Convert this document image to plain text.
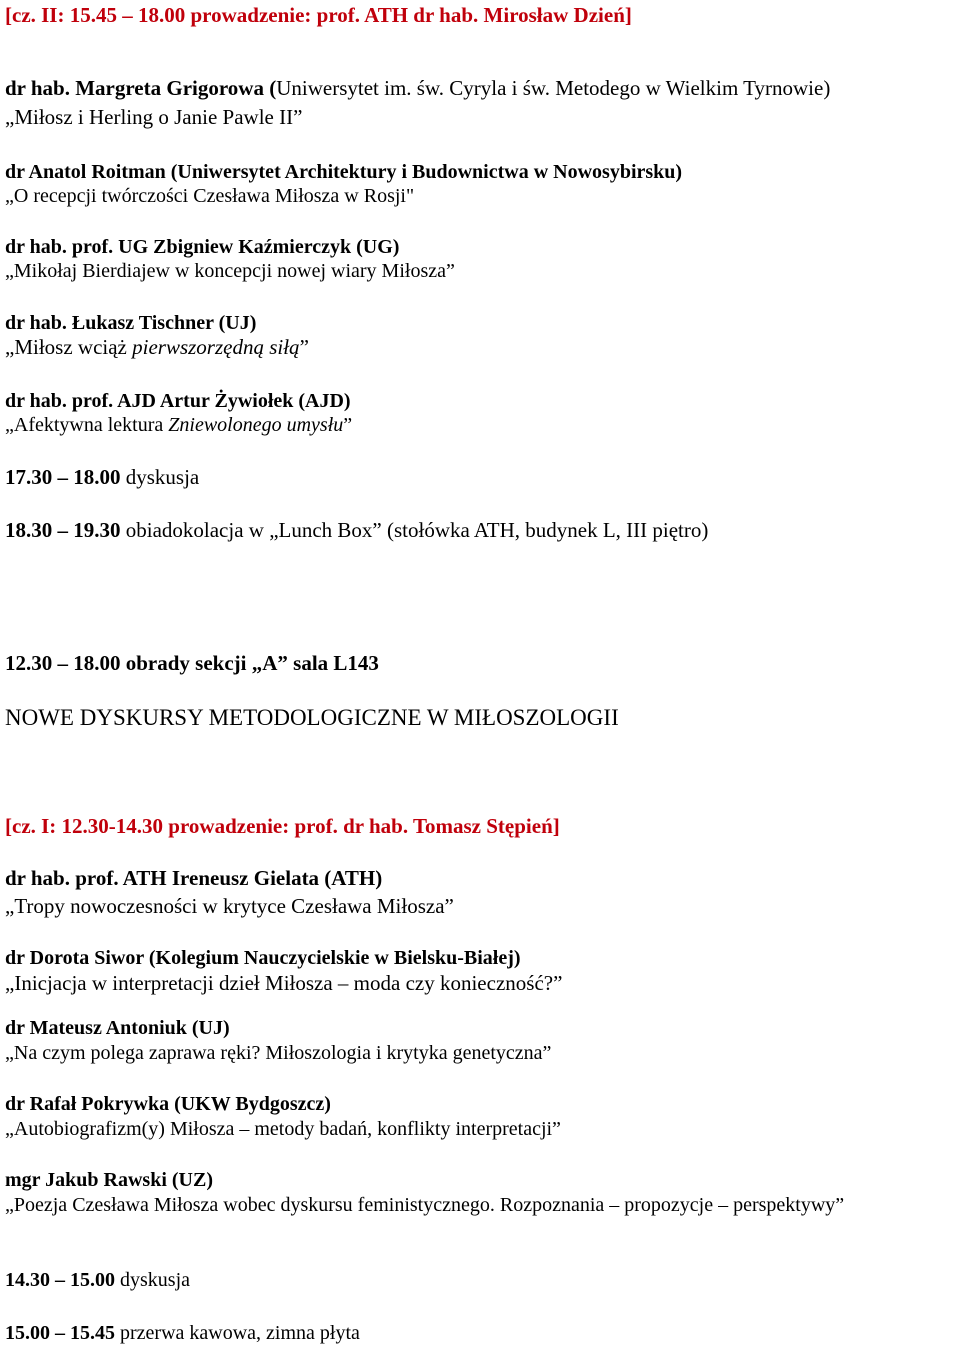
[cz. II: 15.45 – 18.00 prowadzenie: prof. ATH dr hab. Mirosław Dzień]
dr hab. Margreta Grigorowa (Uniwersytet im. św. Cyryla i św. Metodego w Wielkim Tyrnowie)
„Miłosz i Herling o Janie Pawle II”
dr Anatol Roitman (Uniwersytet Architektury i Budownictwa w Nowosybirsku)
„O recepcji twórczości Czesława Miłosza w Rosji"
dr hab. prof. UG Zbigniew Kaźmierczyk (UG)
„Mikołaj Bierdiajew w koncepcji nowej wiary Miłosza”
dr hab. Łukasz Tischner (UJ)
„Miłosz wciąż pierwszorzędną siłą”
dr hab. prof. AJD Artur Żywiołek (AJD)
„Afektywna lektura Zniewolonego umysłu”
17.30 – 18.00 dyskusja
18.30 – 19.30 obiadokolacja w „Lunch Box” (stołówka ATH, budynek L, III piętro)
12.30 – 18.00 obrady sekcji „A” sala L143
NOWE DYSKURSY METODOLOGICZNE W MIŁOSZOLOGII
[cz. I: 12.30-14.30 prowadzenie: prof. dr hab. Tomasz Stępień]
dr hab. prof. ATH Ireneusz Gielata (ATH)
„Tropy nowoczesności w krytyce Czesława Miłosza”
dr Dorota Siwor (Kolegium Nauczycielskie w Bielsku-Białej)
„Inicjacja w interpretacji dzieł Miłosza – moda czy konieczność?”
dr Mateusz Antoniuk (UJ)
„Na czym polega zaprawa ręki? Miłoszologia i krytyka genetyczna”
dr Rafał Pokrywka (UKW Bydgoszcz)
„Autobiografizm(y) Miłosza – metody badań, konflikty interpretacji”
mgr Jakub Rawski (UZ)
„Poezja Czesława Miłosza wobec dyskursu feministycznego. Rozpoznania – propozycje – perspektywy”
14.30 – 15.00 dyskusja
15.00 – 15.45 przerwa kawowa, zimna płyta
